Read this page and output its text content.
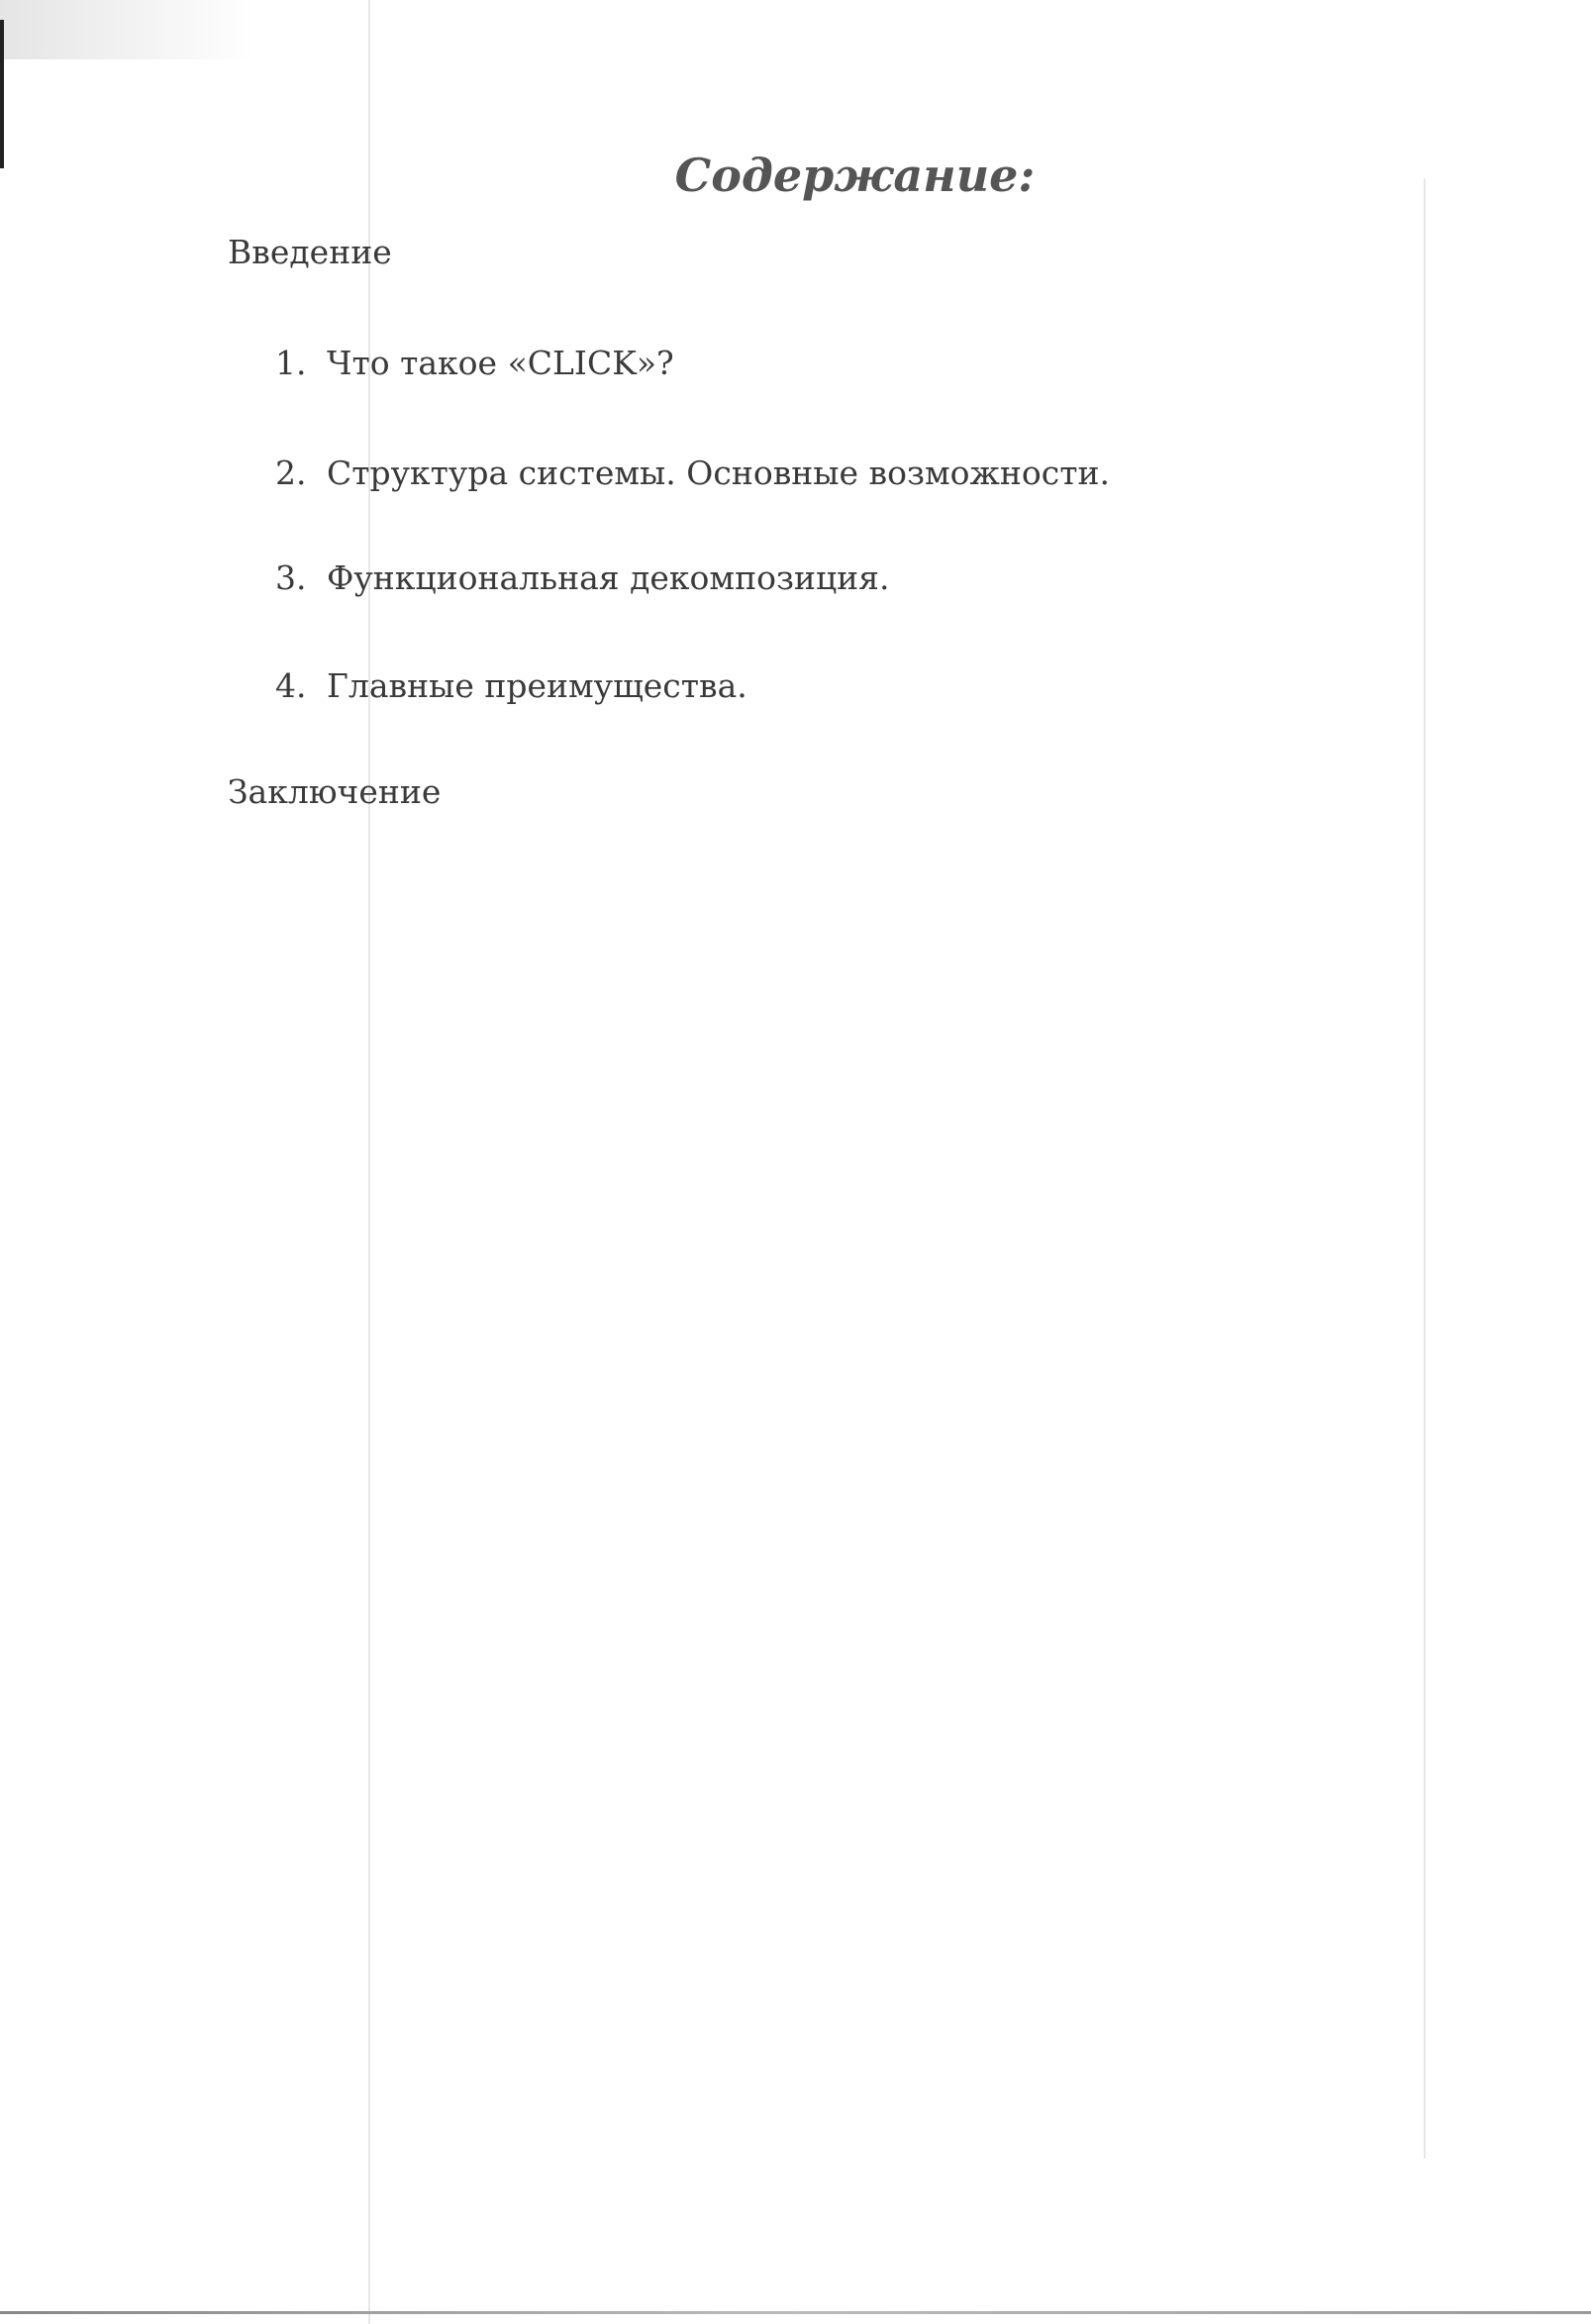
Содержание:
Введение
1. Что такое «CLICK»?
2. Структура системы. Основные возможности.
3. Функциональная декомпозиция.
4. Главные преимущества.
Заключение
